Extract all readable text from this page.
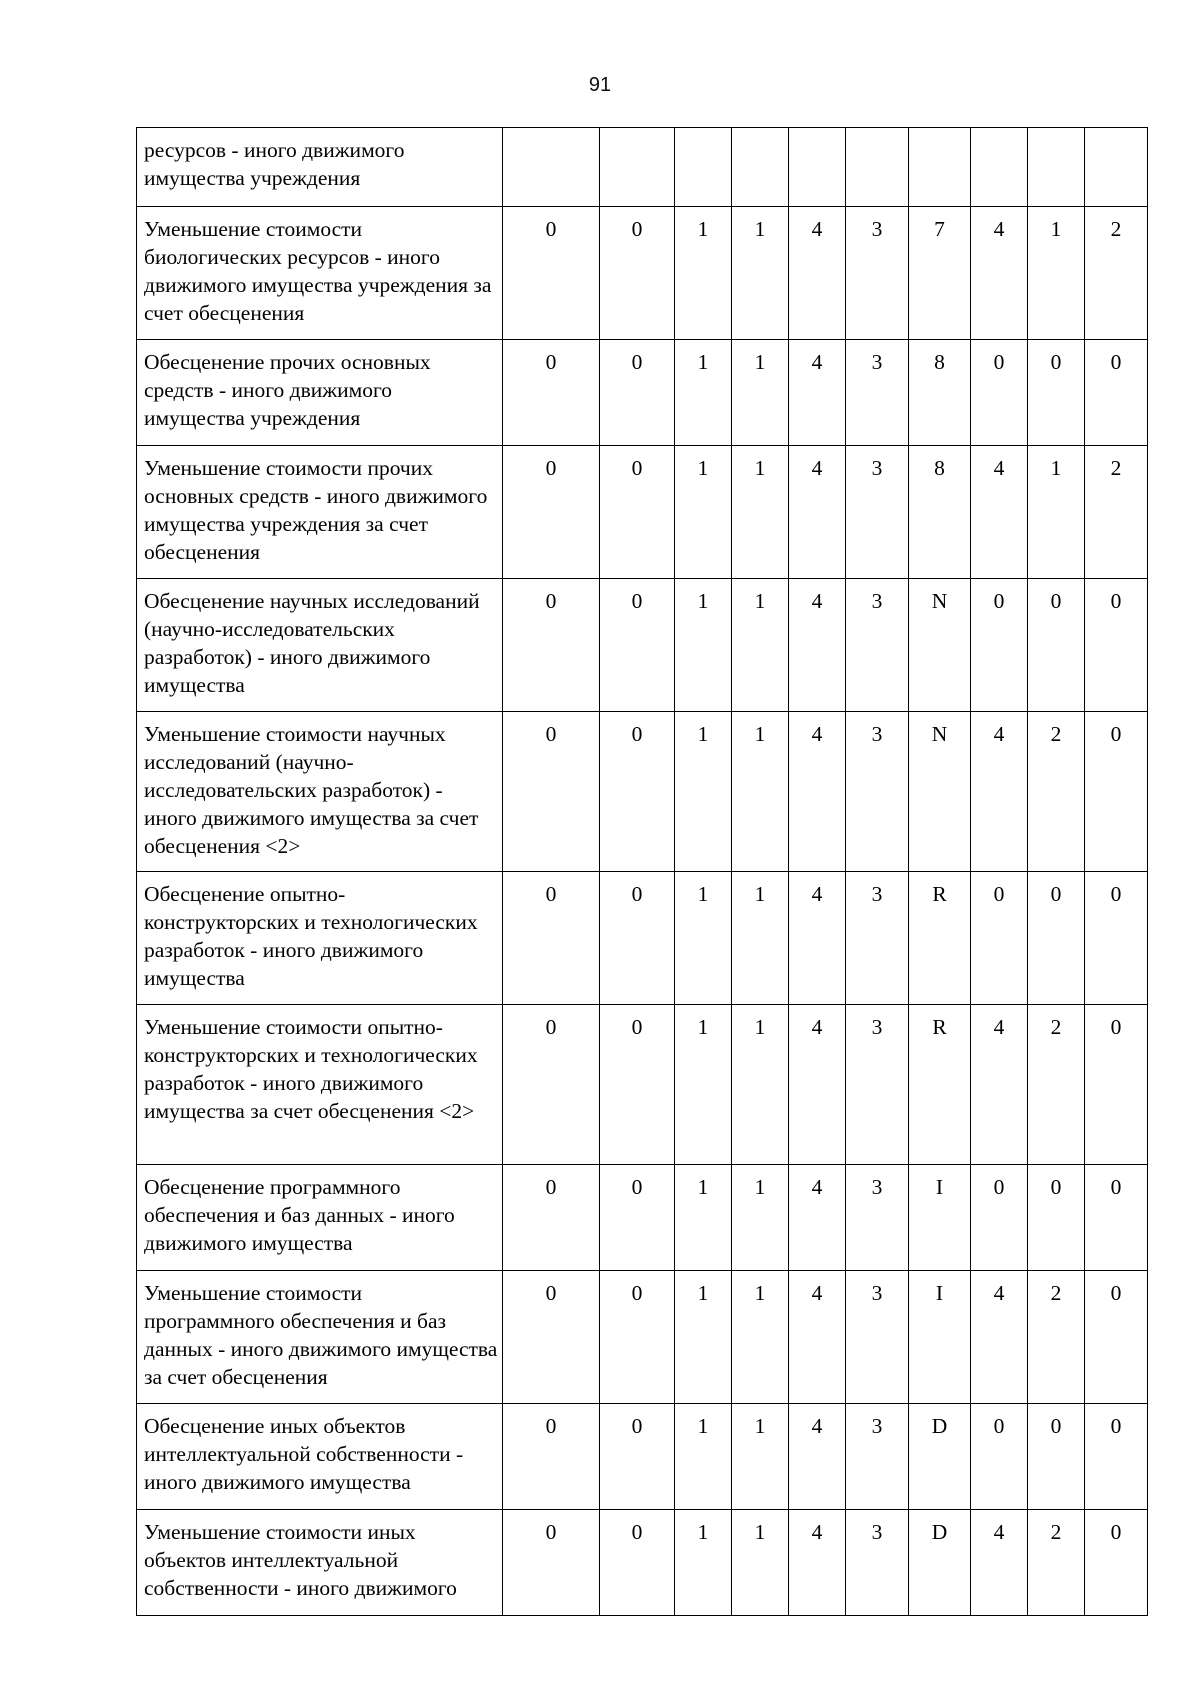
91
ресурсов - иного движимого имущества учреждения										
Уменьшение стоимости биологических ресурсов - иного движимого имущества учреждения за счет обесценения	0	0	1	1	4	3	7	4	1	2
Обесценение прочих основных средств - иного движимого имущества учреждения	0	0	1	1	4	3	8	0	0	0
Уменьшение стоимости прочих основных средств - иного движимого имущества учреждения за счет обесценения	0	0	1	1	4	3	8	4	1	2
Обесценение научных исследований (научно-исследовательских разработок) - иного движимого имущества	0	0	1	1	4	3	N	0	0	0
Уменьшение стоимости научных исследований (научно-исследовательских разработок) - иного движимого имущества за счет обесценения <2>	0	0	1	1	4	3	N	4	2	0
Обесценение опытно-конструкторских и технологических разработок - иного движимого имущества	0	0	1	1	4	3	R	0	0	0
Уменьшение стоимости опытно-конструкторских и технологических разработок - иного движимого имущества за счет обесценения <2>	0	0	1	1	4	3	R	4	2	0
Обесценение программного обеспечения и баз данных - иного движимого имущества	0	0	1	1	4	3	I	0	0	0
Уменьшение стоимости программного обеспечения и баз данных - иного движимого имущества за счет обесценения	0	0	1	1	4	3	I	4	2	0
Обесценение иных объектов интеллектуальной собственности - иного движимого имущества	0	0	1	1	4	3	D	0	0	0
Уменьшение стоимости иных объектов интеллектуальной собственности - иного движимого	0	0	1	1	4	3	D	4	2	0
